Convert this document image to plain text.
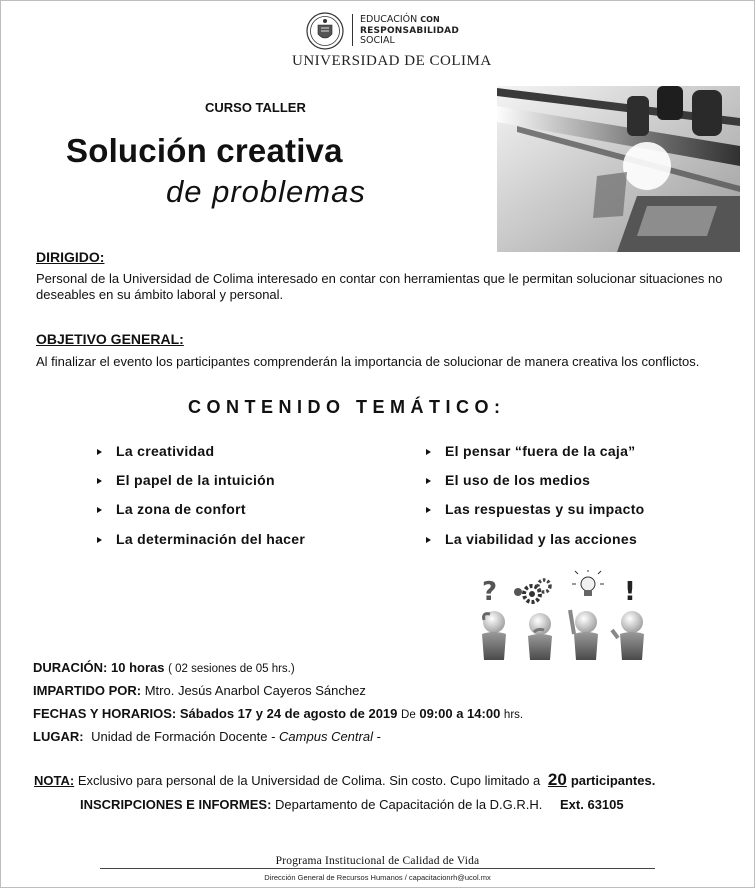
EDUCACIÓN CON
RESPONSABILIDAD
SOCIAL
UNIVERSIDAD DE COLIMA
CURSO TALLER
Solución creativa
de problemas
DIRIGIDO:
Personal de la Universidad de Colima interesado en contar con herramientas que le permitan solucionar situaciones no deseables en su ámbito laboral y personal.
OBJETIVO GENERAL:
Al finalizar el evento los participantes comprenderán la importancia de solucionar de manera creativa los conflictos.
CONTENIDO TEMÁTICO:
La creatividad
El papel de la intuición
La zona de confort
La determinación del hacer
El pensar “fuera de la caja”
El uso de los medios
Las respuestas y su impacto
La viabilidad y las acciones
?	!
DURACIÓN: 10 horas ( 02 sesiones de 05 hrs.)
IMPARTIDO POR: Mtro. Jesús Anarbol Cayeros Sánchez
FECHAS Y HORARIOS: Sábados 17 y 24 de agosto de 2019 De 09:00 a 14:00 hrs.
LUGAR: Unidad de Formación Docente - Campus Central -
NOTA: Exclusivo para personal de la Universidad de Colima. Sin costo. Cupo limitado a 20 participantes.
INSCRIPCIONES E INFORMES: Departamento de Capacitación de la D.G.R.H. Ext. 63105
Programa Institucional de Calidad de Vida
Dirección General de Recursos Humanos / capacitacionrh@ucol.mx
